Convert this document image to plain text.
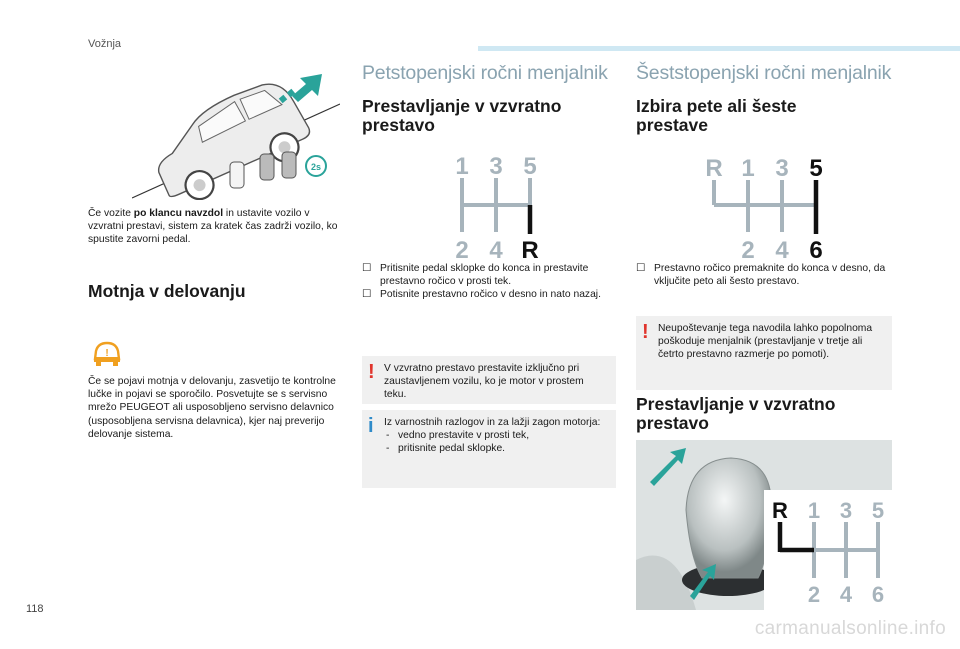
Vožnja
2s

Če vozite po klancu navzdol in ustavite vozilo v vzvratni prestavi, sistem za kratek čas zadrži vozilo, ko spustite zavorni pedal.

Motnja v delovanju
!

Če se pojavi motnja v delovanju, zasvetijo te kontrolne lučke in pojavi se sporočilo. Posvetujte se s servisno mrežo PEUGEOT ali usposobljeno servisno delavnico (usposobljena servisna delavnica), kjer naj preverijo delovanje sistema.

Petstopenjski ročni menjalnik
Prestavljanje v vzvratno prestavo
1 3 5
2 4 R
☐ Pritisnite pedal sklopke do konca in prestavite prestavno ročico v prosti tek.
☐ Potisnite prestavno ročico v desno in nato nazaj.
! V vzvratno prestavo prestavite izključno pri zaustavljenem vozilu, ko je motor v prostem teku.
i Iz varnostnih razlogov in za lažji zagon motorja:
- vedno prestavite v prosti tek,
- pritisnite pedal sklopke.
Šeststopenjski ročni menjalnik
Izbira pete ali šeste prestave
R 1 3 5
2 4 6
☐ Prestavno ročico premaknite do konca v desno, da vključite peto ali šesto prestavo.
! Neupoštevanje tega navodila lahko popolnoma poškoduje menjalnik (prestavljanje v tretje ali četrto prestavno razmerje po pomoti).
Prestavljanje v vzvratno prestavo
R 1 3 5
2 4 6
118
carmanualsonline.info
